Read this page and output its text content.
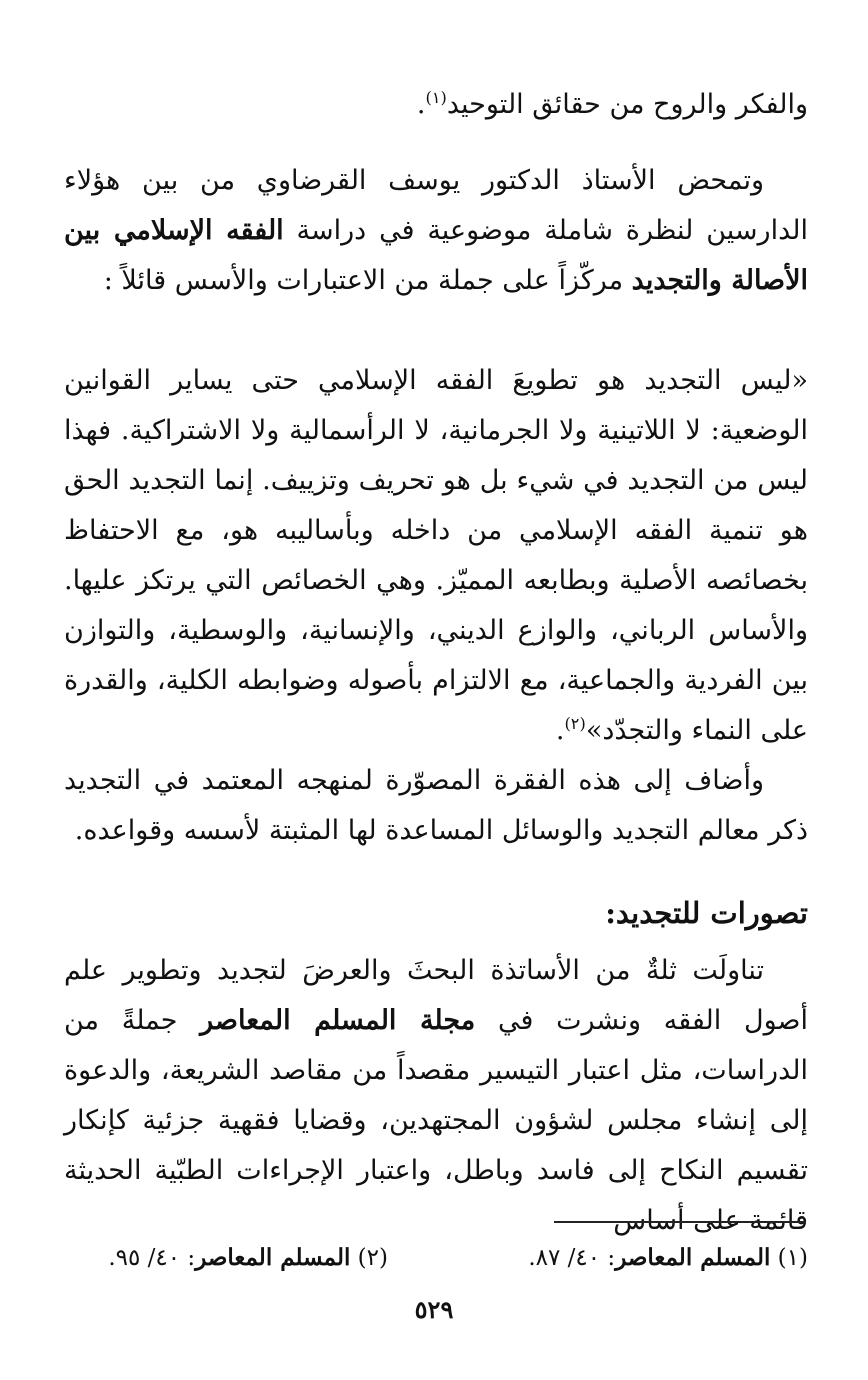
والفكر والروح من حقائق التوحيد$^{(١)}$.

وتمحض الأستاذ الدكتور يوسف القرضاوي من بين هؤلاء الدارسين لنظرة شاملة موضوعية في دراسة الفقه الإسلامي بين الأصالة والتجديد مركّزاً على جملة من الاعتبارات والأسس قائلاً :

«ليس التجديد هو تطويعَ الفقه الإسلامي حتى يساير القوانين الوضعية: لا اللاتينية ولا الجرمانية، لا الرأسمالية ولا الاشتراكية. فهذا ليس من التجديد في شيء بل هو تحريف وتزييف. إنما التجديد الحق هو تنمية الفقه الإسلامي من داخله وبأساليبه هو، مع الاحتفاظ بخصائصه الأصلية وبطابعه المميّز. وهي الخصائص التي يرتكز عليها. والأساس الرباني، والوازع الديني، والإنسانية، والوسطية، والتوازن بين الفردية والجماعية، مع الالتزام بأصوله وضوابطه الكلية، والقدرة على النماء والتجدّد»$^{(٢)}$.

وأضاف إلى هذه الفقرة المصوّرة لمنهجه المعتمد في التجديد ذكر معالم التجديد والوسائل المساعدة لها المثبتة لأسسه وقواعده.

تصورات للتجديد:

تناولَت ثلةٌ من الأساتذة البحثَ والعرضَ لتجديد وتطوير علم أصول الفقه ونشرت في مجلة المسلم المعاصر جملةً من الدراسات، مثل اعتبار التيسير مقصداً من مقاصد الشريعة، والدعوة إلى إنشاء مجلس لشؤون المجتهدين، وقضايا فقهية جزئية كإنكار تقسيم النكاح إلى فاسد وباطل، واعتبار الإجراءات الطبّية الحديثة قائمة على أساس

(١) المسلم المعاصر: ٤٠/ ٨٧.
(٢) المسلم المعاصر: ٤٠/ ٩٥.
٥٢٩
